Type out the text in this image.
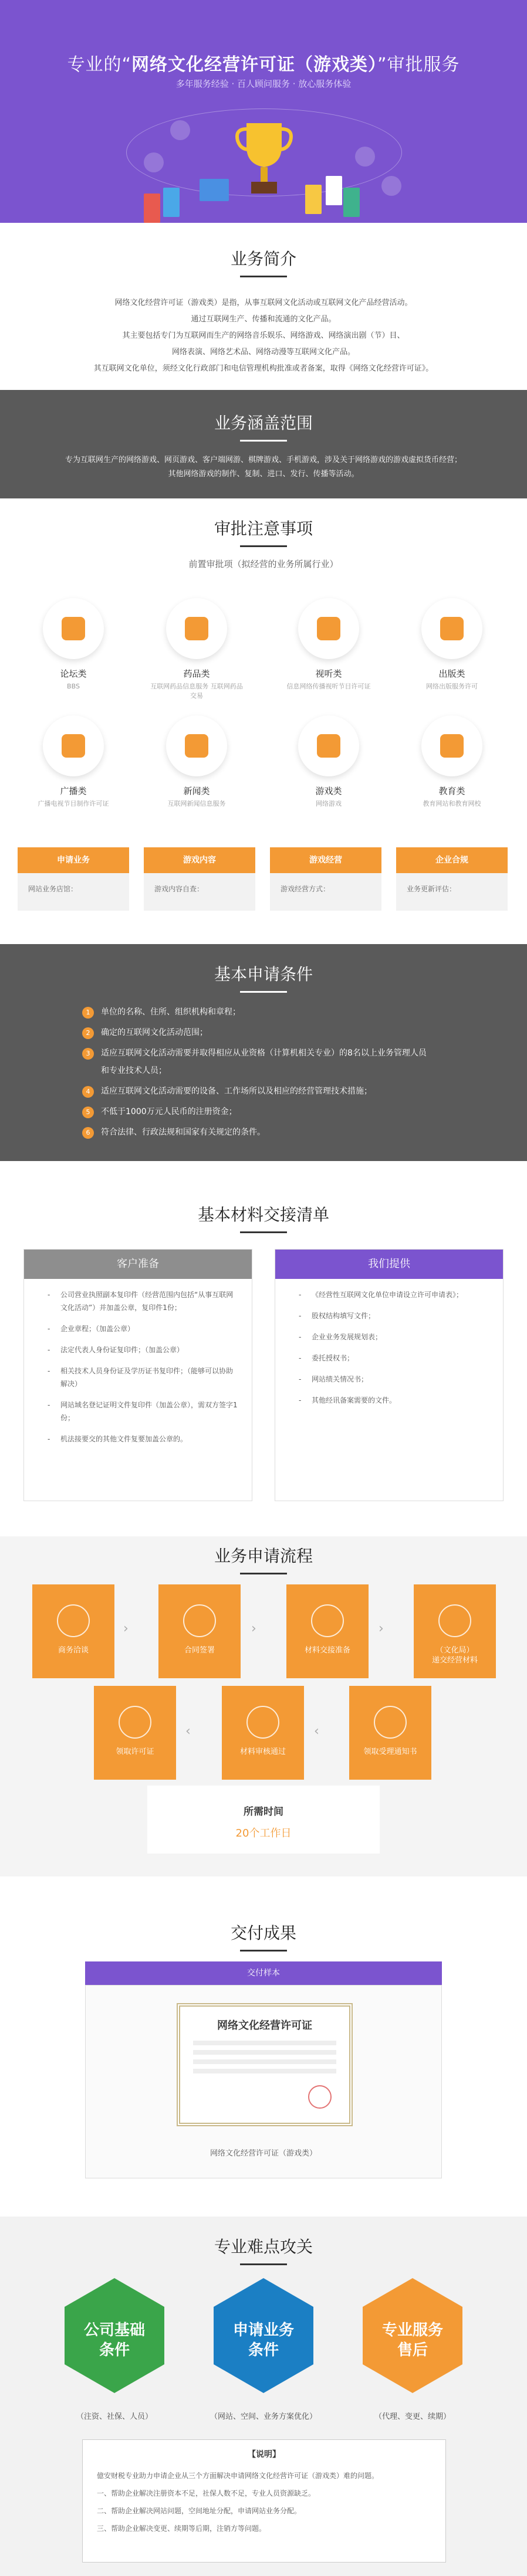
专业的“网络文化经营许可证（游戏类）”审批服务
多年服务经验 · 百人顾问服务 · 放心服务体验
业务简介

网络文化经营许可证（游戏类）是指，从事互联网文化活动或互联网文化产品经营活动。

通过互联网生产、传播和流通的文化产品。

其主要包括专门为互联网而生产的网络音乐娱乐、网络游戏、网络演出剧（节）目、

网络表演、网络艺术品、网络动漫等互联网文化产品。

其互联网文化单位，须经文化行政部门和电信管理机构批准或者备案，取得《网络文化经营许可证》。

业务涵盖范围

专为互联网生产的网络游戏、网页游戏、客户端网游、棋牌游戏、手机游戏，涉及关于网络游戏的游戏虚拟货币经营；

其他网络游戏的制作、复制、进口、发行、传播等活动。

审批注意事项
前置审批项（拟经营的业务所属行业）
论坛类
BBS
药品类
互联网药品信息服务 互联网药品交易
视听类
信息网络传播视听节目许可证
出版类
网络出版服务许可
广播类
广播电视节目制作许可证
新闻类
互联网新闻信息服务
游戏类
网络游戏
教育类
教育网站和教育网校
申请业务
网站业务店馆：
游戏内容
游戏内容自查：
游戏经营
游戏经营方式：
企业合规
业务更新评估：
基本申请条件
1 单位的名称、住所、组织机构和章程；
2 确定的互联网文化活动范围；
3 适应互联网文化活动需要并取得相应从业资格（计算机相关专业）的8名以上业务管理人员
和专业技术人员；
4 适应互联网文化活动需要的设备、工作场所以及相应的经营管理技术措施；
5 不低于1000万元人民币的注册资金；
6 符合法律、行政法规和国家有关规定的条件。
基本材料交接清单
客户准备
- 公司营业执照副本复印件（经营范围内包括“从事互联网文化活动”）并加盖公章，复印件1份；
- 企业章程；（加盖公章）
- 法定代表人身份证复印件；（加盖公章）
- 相关技术人员身份证及学历证书复印件；（能够可以协助解决）
- 网站域名登记证明文件复印件（加盖公章），需双方签字1份；
- 机法接要交的其他文件复要加盖公章的。
我们提供
- 《经营性互联网文化单位申请设立许可申请表》；
- 股权结构填写文件；
- 企业业务发展规划表；
- 委托授权书；
- 网站绩关情况书；
- 其他经讯备案需要的文件。
业务申请流程
商务洽谈
›
合同签署
›
材料交接准备
›
（文化局）
递交经营材料
领取许可证
‹
材料审核通过
‹
领取受理通知书
所需时间
20个工作日
交付成果
交付样本
网络文化经营许可证
网络文化经营许可证（游戏类）
专业难点攻关
公司基础
条件
申请业务
条件
专业服务
售后
（注资、社保、人员）	（网站、空间、业务方案优化）	（代理、变更、续期）
【说明】

億安财税专业助力申请企业从三个方面解决申请网络文化经营许可证（游戏类）难的问题。

一、帮助企业解决注册资本不足，社保人数不足，专业人员资源缺乏。

二、帮助企业解决网站问题，空间地址分配，申请网站业务分配。

三、帮助企业解决变更、续期等后期，注销方等问题。
